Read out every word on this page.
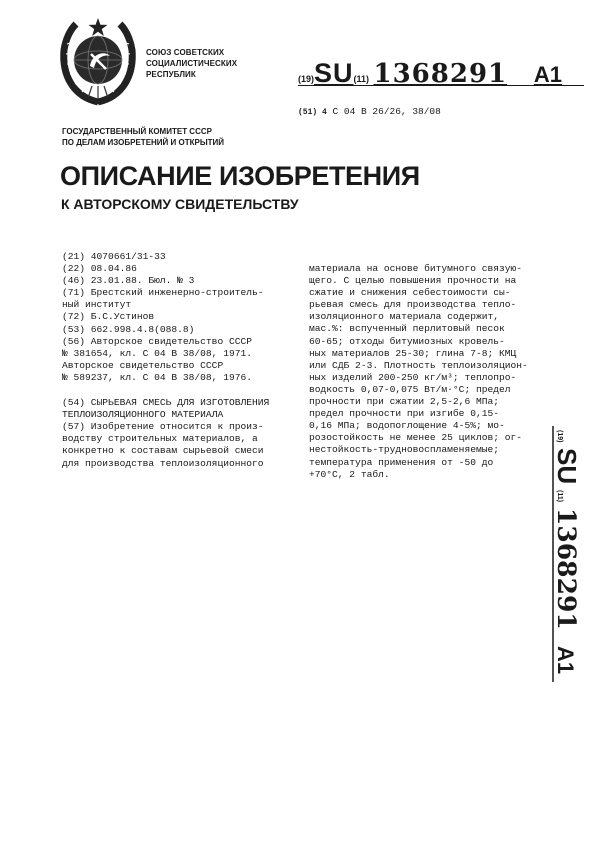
СОЮЗ СОВЕТСКИХ
СОЦИАЛИСТИЧЕСКИХ
РЕСПУБЛИК	(19)SU(11) 1368291 A1
(51) 4 С 04 В 26/26, 38/08
ГОСУДАРСТВЕННЫЙ КОМИТЕТ СССР
ПО ДЕЛАМ ИЗОБРЕТЕНИЙ И ОТКРЫТИЙ
ОПИСАНИЕ ИЗОБРЕТЕНИЯ
К АВТОРСКОМУ СВИДЕТЕЛЬСТВУ
(21) 4070661/31-33
(22) 08.04.86
(46) 23.01.88. Бюл. № 3
(71) Брестский инженерно-строитель-
ный институт
(72) Б.С.Устинов
(53) 662.998.4.8(088.8)
(56) Авторское свидетельство СССР
№ 381654, кл. С 04 В 38/08, 1971.
Авторское свидетельство СССР
№ 589237, кл. С 04 В 38/08, 1976.
(54) СЫРЬЕВАЯ СМЕСЬ ДЛЯ ИЗГОТОВЛЕНИЯ
ТЕПЛОИЗОЛЯЦИОННОГО МАТЕРИАЛА
(57) Изобретение относится к произ-
водству строительных материалов, а
конкретно к составам сырьевой смеси
для производства теплоизоляционного
материала на основе битумного связую-
щего. С целью повышения прочности на
сжатие и снижения себестоимости сы-
рьевая смесь для производства тепло-
изоляционного материала содержит,
мас.%: вспученный перлитовый песок
60-65; отходы битумиозных кровель-
ных материалов 25-30; глина 7-8; КМЦ
или СДБ 2-3. Плотность теплоизоляцион-
ных изделий 200-250 кг/м³; теплопро-
водкость 0,07-0,075 Вт/м·°С; предел
прочности при сжатии 2,5-2,6 МПа;
предел прочности при изгибе 0,15-
0,16 МПа; водопоглощение 4-5%; мо-
розостойкость не менее 25 циклов; ог-
нестойкость-трудновоспламеняемые;
температура применения от -50 до
+70°С, 2 табл.
(19)
SU
(11)
1368291
A1
